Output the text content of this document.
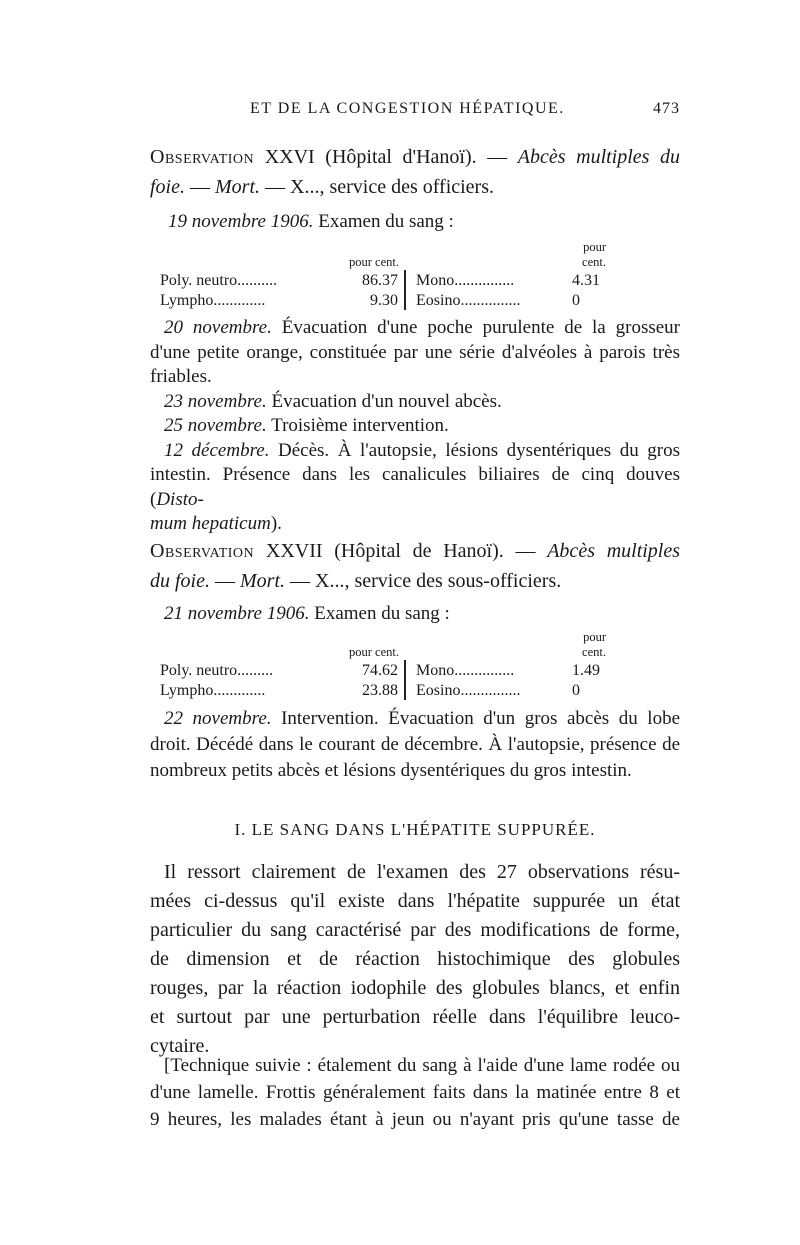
ET DE LA CONGESTION HÉPATIQUE.	473
Observation XXVI (Hôpital d'Hanoï). — Abcès multiples du
foie. — Mort. — X..., service des officiers.
19 novembre 1906. Examen du sang :
	pour cent.			pour cent.
Poly. neutro..........	86.37		Mono...............	4.31
Lympho.............	9.30		Eosino...............	0
20 novembre. Évacuation d'une poche purulente de la grosseur
d'une petite orange, constituée par une série d'alvéoles à parois très
friables.
23 novembre. Évacuation d'un nouvel abcès.
25 novembre. Troisième intervention.
12 décembre. Décès. À l'autopsie, lésions dysentériques du gros
intestin. Présence dans les canalicules biliaires de cinq douves (Disto-
mum hepaticum).
Observation XXVII (Hôpital de Hanoï). — Abcès multiples
du foie. — Mort. — X..., service des sous-officiers.
21 novembre 1906. Examen du sang :
	pour cent.			pour cent.
Poly. neutro.........	74.62		Mono...............	1.49
Lympho.............	23.88		Eosino...............	0
22 novembre. Intervention. Évacuation d'un gros abcès du lobe
droit. Décédé dans le courant de décembre. À l'autopsie, présence de
nombreux petits abcès et lésions dysentériques du gros intestin.
I. LE SANG DANS L'HÉPATITE SUPPURÉE.
Il ressort clairement de l'examen des 27 observations résu-
mées ci-dessus qu'il existe dans l'hépatite suppurée un état
particulier du sang caractérisé par des modifications de forme,
de dimension et de réaction histochimique des globules
rouges, par la réaction iodophile des globules blancs, et enfin
et surtout par une perturbation réelle dans l'équilibre leuco-
cytaire.
[Technique suivie : étalement du sang à l'aide d'une lame rodée ou
d'une lamelle. Frottis généralement faits dans la matinée entre 8 et
9 heures, les malades étant à jeun ou n'ayant pris qu'une tasse de
